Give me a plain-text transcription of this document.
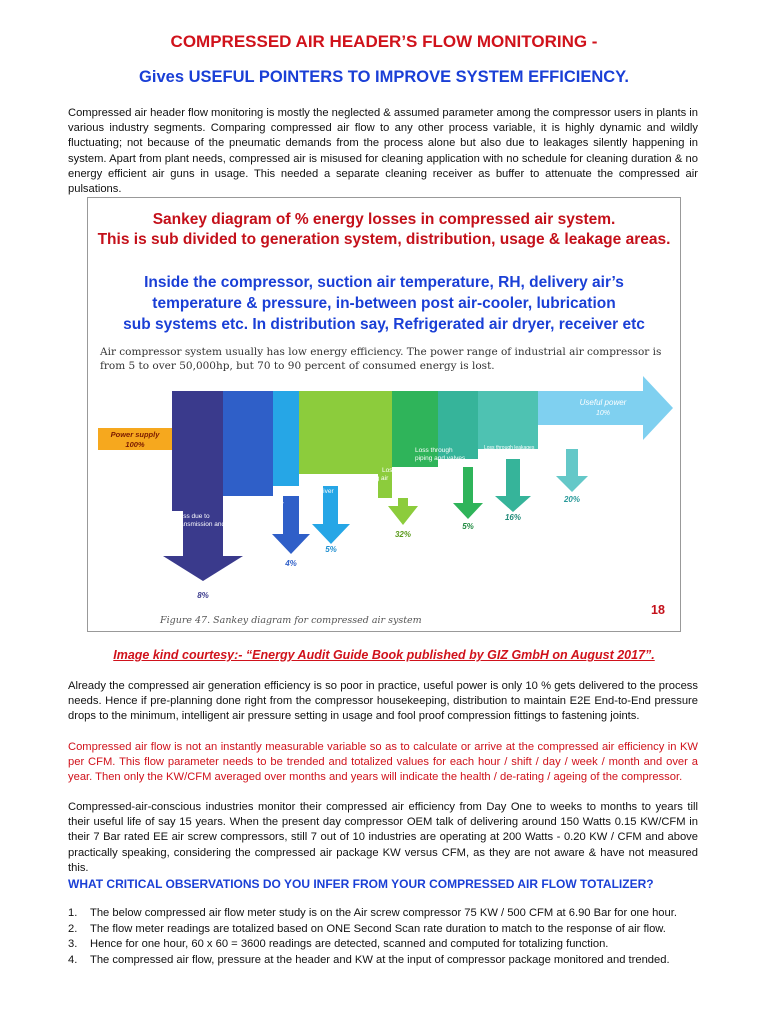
COMPRESSED AIR HEADER’S FLOW MONITORING -
Gives USEFUL POINTERS TO IMPROVE SYSTEM EFFICIENCY.

Compressed air header flow monitoring is mostly the neglected & assumed parameter among the compressor users in plants in various industry segments. Comparing compressed air flow to any other process variable, it is highly dynamic and wildly fluctuating; not because of the pneumatic demands from the process alone but also due to leakages silently happening in system. Apart from plant needs, compressed air is misused for cleaning application with no schedule for cleaning duration & no energy efficient air guns in usage. This needed a separate cleaning receiver as buffer to attenuate the compressed air pulsations.

Sankey diagram of % energy losses in compressed air system.
This is sub divided to generation system, distribution, usage & leakage areas.
Inside the compressor, suction air temperature, RH, delivery air’s
temperature & pressure, in-between post air-cooler, lubrication
sub systems etc. In distribution say, Refrigerated air dryer, receiver etc
Air compressor system usually has low energy efficiency. The power range of industrial air compressor is
from 5 to over 50,000hp, but 70 to 90 percent of consumed energy is lost.
Power supply
100%
Useful power
10%
Loss due to
transmission and
Loss through meter
Loss through driver
Loss through compressing air
Loss through storage tanks
Loss through
piping and valves
Loss through leakages
8%
4%
5%
32%
5%
16%
20%
Figure 47. Sankey diagram for compressed air system
18
Image kind courtesy:- “Energy Audit Guide Book published by GIZ GmbH on August 2017”.

Already the compressed air generation efficiency is so poor in practice, useful power is only 10 % gets delivered to the process needs. Hence if pre-planning done right from the compressor housekeeping, distribution to maintain E2E End-to-End pressure drops to the minimum, intelligent air pressure setting in usage and fool proof compression fittings to fastening joints.

Compressed air flow is not an instantly measurable variable so as to calculate or arrive at the compressed air efficiency in KW per CFM. This flow parameter needs to be trended and totalized values for each hour / shift / day / week / month and over a year. Then only the KW/CFM averaged over months and years will indicate the health / de-rating / ageing of the compressor.

Compressed-air-conscious industries monitor their compressed air efficiency from Day One to weeks to months to years till their useful life of say 15 years. When the present day compressor OEM talk of delivering around 150 Watts 0.15 KW/CFM in their 7 Bar rated EE air screw compressors, still 7 out of 10 industries are operating at 200 Watts - 0.20 KW / CFM and above practically speaking, considering the compressed air package KW versus CFM, as they are not aware & have not measured this.

WHAT CRITICAL OBSERVATIONS DO YOU INFER FROM YOUR COMPRESSED AIR FLOW TOTALIZER?
1.	The below compressed air flow meter study is on the Air screw compressor 75 KW / 500 CFM at 6.90 Bar for one hour.
2.	The flow meter readings are totalized based on ONE Second Scan rate duration to match to the response of air flow.
3.	Hence for one hour, 60 x 60 = 3600 readings are detected, scanned and computed for totalizing function.
4.	The compressed air flow, pressure at the header and KW at the input of compressor package monitored and trended.
